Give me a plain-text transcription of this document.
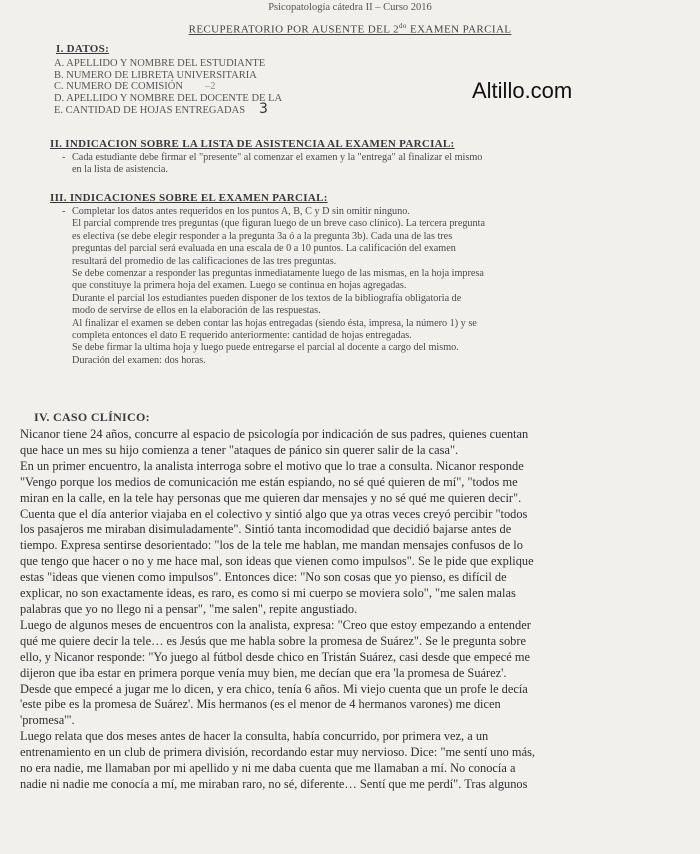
Psicopatología cátedra II – Curso 2016
RECUPERATORIO POR AUSENTE DEL $2^{do}$ EXAMEN PARCIAL
Altillo.com
I. DATOS:
A. APELLIDO Y NOMBRE DEL ESTUDIANTE
B. NUMERO DE LIBRETA UNIVERSITARIA
C. NUMERO DE COMISIÓN –2
D. APELLIDO Y NOMBRE DEL DOCENTE DE LA
E. CANTIDAD DE HOJAS ENTREGADAS 3
II. INDICACION SOBRE LA LISTA DE ASISTENCIA AL EXAMEN PARCIAL:

- Cada estudiante debe firmar el "presente" al comenzar el examen y la "entrega" al finalizar el mismo

en la lista de asistencia.

III. INDICACIONES SOBRE EL EXAMEN PARCIAL:

- Completar los datos antes requeridos en los puntos A, B, C y D sin omitir ninguno.

El parcial comprende tres preguntas (que figuran luego de un breve caso clínico). La tercera pregunta

es electiva (se debe elegir responder a la pregunta 3a ó a la pregunta 3b). Cada una de las tres

preguntas del parcial será evaluada en una escala de 0 a 10 puntos. La calificación del examen

resultará del promedio de las calificaciones de las tres preguntas.

Se debe comenzar a responder las preguntas inmediatamente luego de las mismas, en la hoja impresa

que constituye la primera hoja del examen. Luego se continua en hojas agregadas.

Durante el parcial los estudiantes pueden disponer de los textos de la bibliografía obligatoria de

modo de servirse de ellos en la elaboración de las respuestas.

Al finalizar el examen se deben contar las hojas entregadas (siendo ésta, impresa, la número 1) y se

completa entonces el dato E requerido anteriormente: cantidad de hojas entregadas.

Se debe firmar la ultima hoja y luego puede entregarse el parcial al docente a cargo del mismo.

Duración del examen: dos horas.

IV. CASO CLÍNICO:
Nicanor tiene 24 años, concurre al espacio de psicología por indicación de sus padres, quienes cuentan
que hace un mes su hijo comienza a tener "ataques de pánico sin querer salir de la casa".
En un primer encuentro, la analista interroga sobre el motivo que lo trae a consulta. Nicanor responde
"Vengo porque los medios de comunicación me están espiando, no sé qué quieren de mí", "todos me
miran en la calle, en la tele hay personas que me quieren dar mensajes y no sé qué me quieren decir".
Cuenta que el día anterior viajaba en el colectivo y sintió algo que ya otras veces creyó percibir "todos
los pasajeros me miraban disimuladamente". Sintió tanta incomodidad que decidió bajarse antes de
tiempo. Expresa sentirse desorientado: "los de la tele me hablan, me mandan mensajes confusos de lo
que tengo que hacer o no y me hace mal, son ideas que vienen como impulsos". Se le pide que explique
estas "ideas que vienen como impulsos". Entonces dice: "No son cosas que yo pienso, es difícil de
explicar, no son exactamente ideas, es raro, es como si mi cuerpo se moviera solo", "me salen malas
palabras que yo no llego ni a pensar", "me salen", repite angustiado.
Luego de algunos meses de encuentros con la analista, expresa: "Creo que estoy empezando a entender
qué me quiere decir la tele… es Jesús que me habla sobre la promesa de Suárez". Se le pregunta sobre
ello, y Nicanor responde: "Yo juego al fútbol desde chico en Tristán Suárez, casi desde que empecé me
dijeron que iba estar en primera porque venía muy bien, me decían que era 'la promesa de Suárez'.
Desde que empecé a jugar me lo dicen, y era chico, tenía 6 años. Mi viejo cuenta que un profe le decía
'este pibe es la promesa de Suárez'. Mis hermanos (es el menor de 4 hermanos varones) me dicen
'promesa'".
Luego relata que dos meses antes de hacer la consulta, había concurrido, por primera vez, a un
entrenamiento en un club de primera división, recordando estar muy nervioso. Dice: "me sentí uno más,
no era nadie, me llamaban por mi apellido y ni me daba cuenta que me llamaban a mí. No conocía a
nadie ni nadie me conocía a mí, me miraban raro, no sé, diferente… Sentí que me perdí". Tras algunos
